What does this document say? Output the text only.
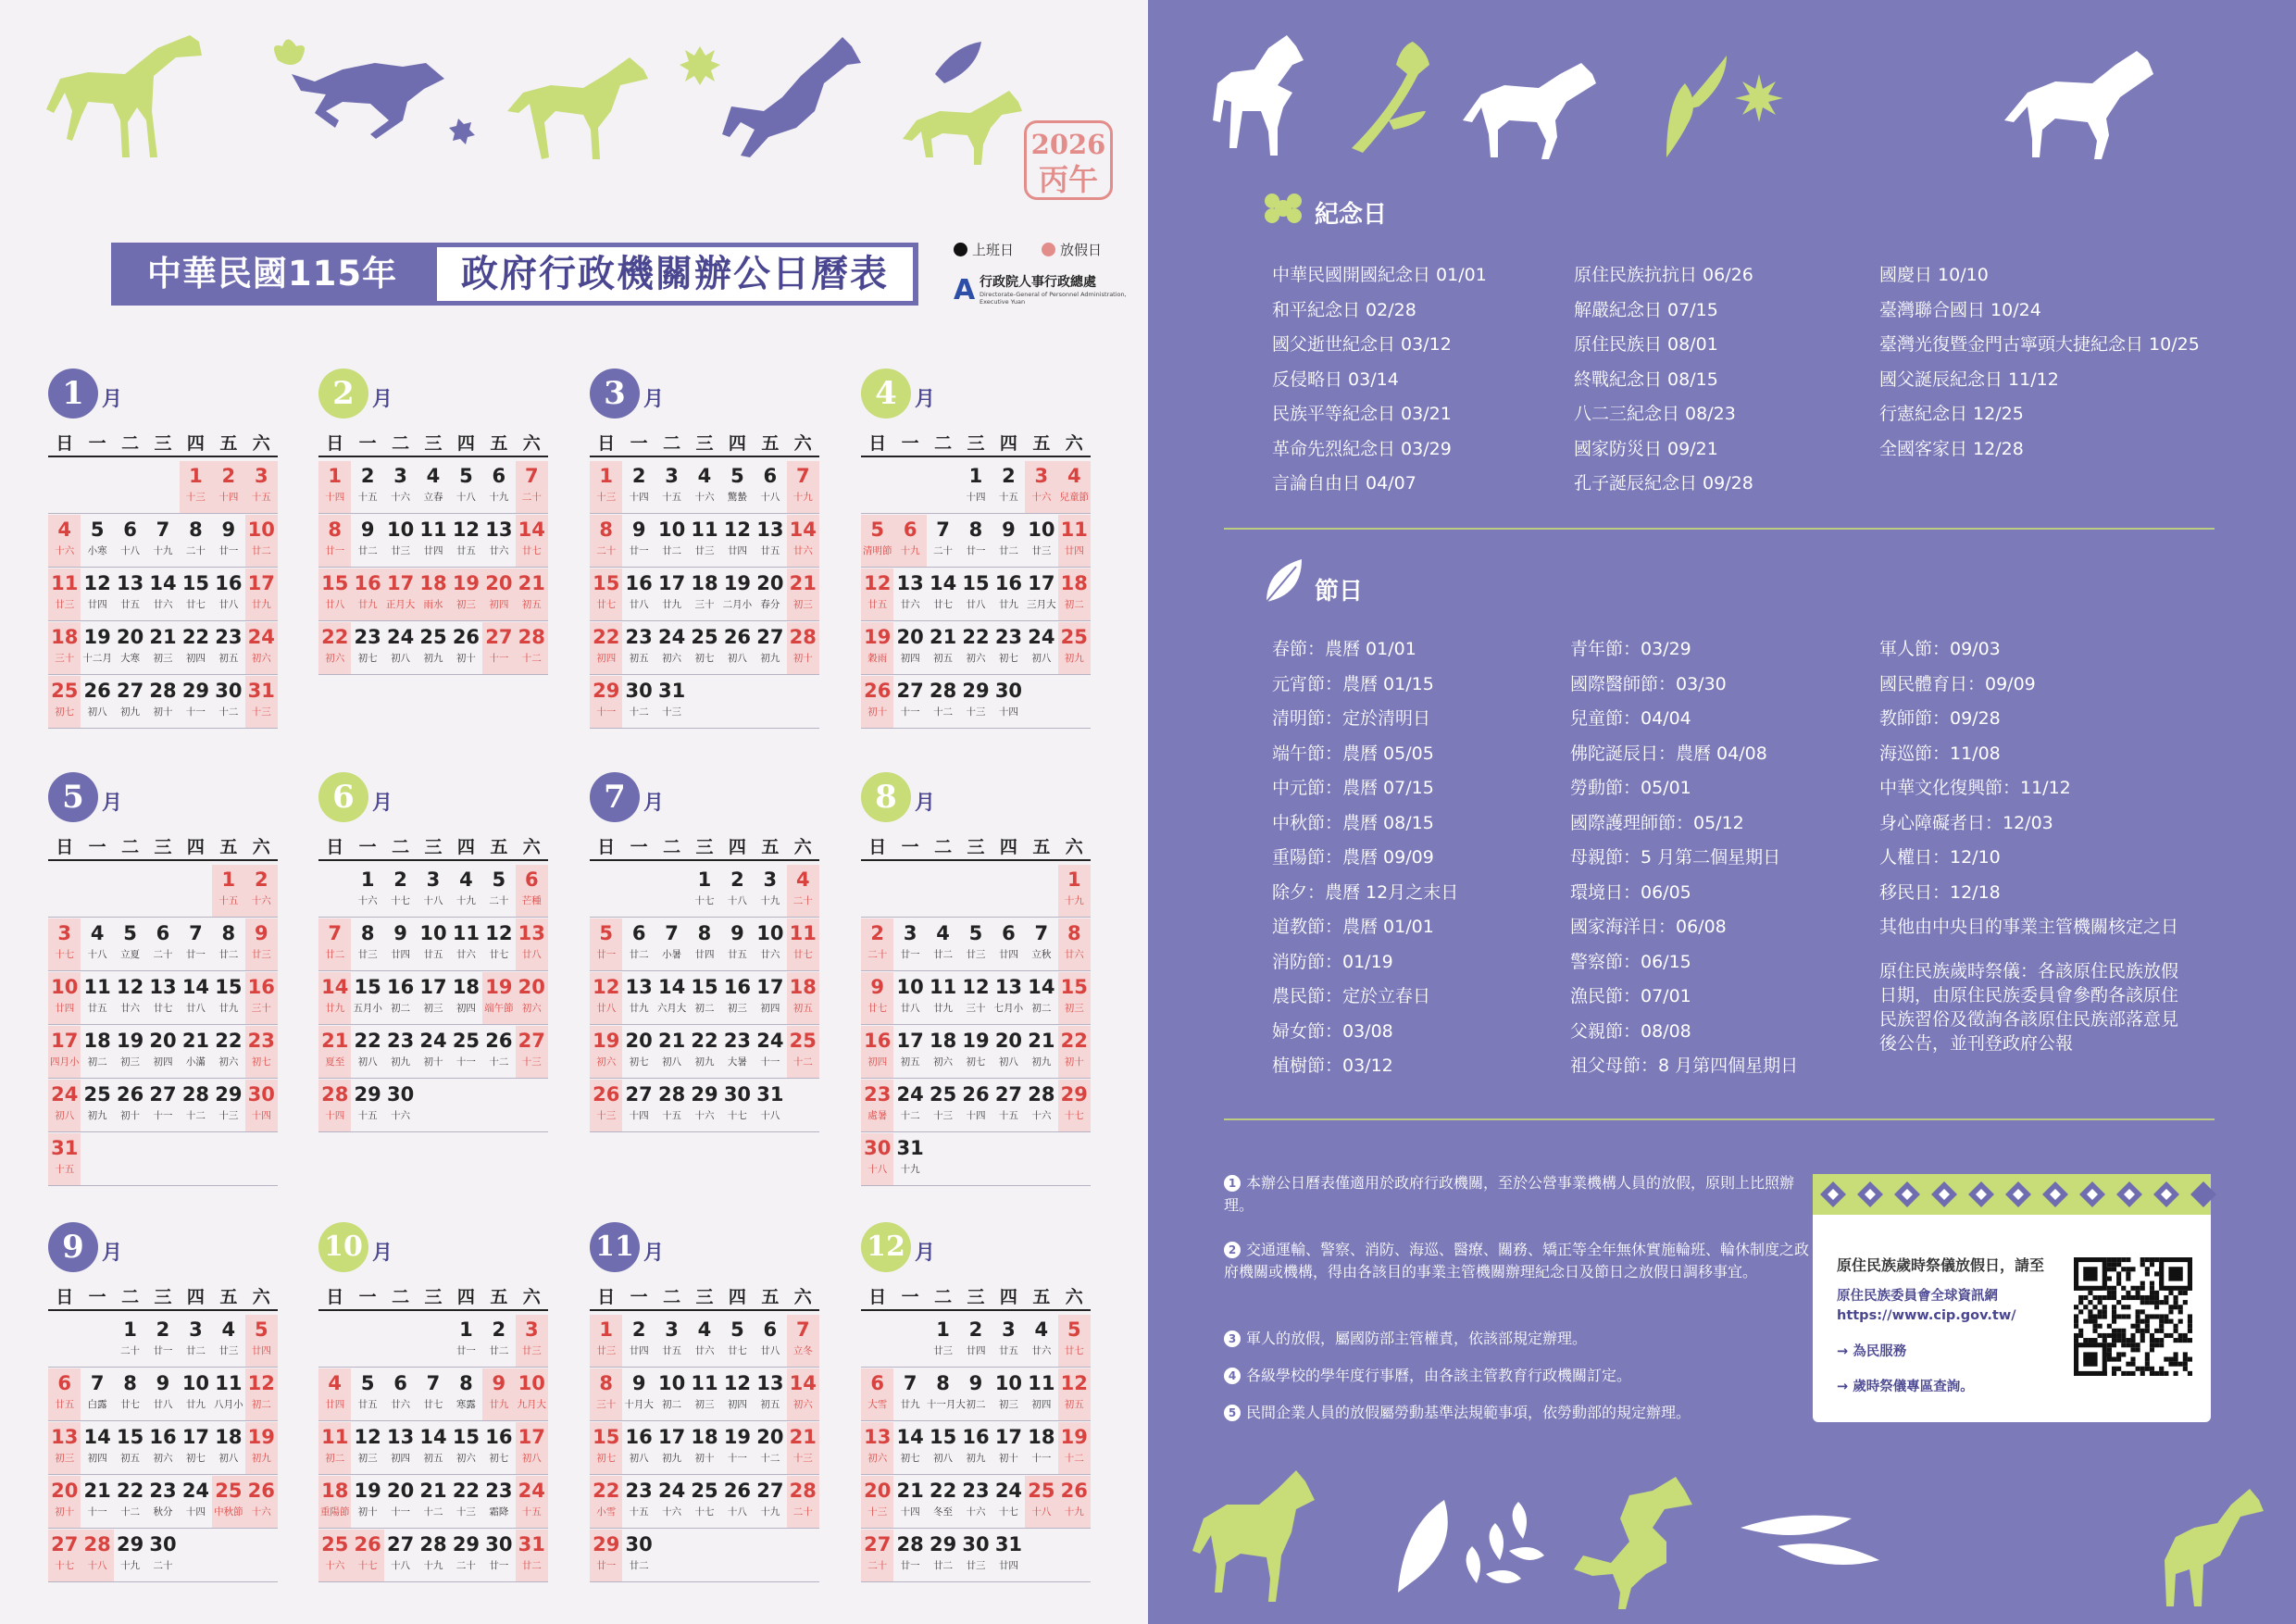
2026
丙午
中華民國115年	政府行政機關辦公日曆表
上班日	放假日
A 行政院人事行政總處
Directorate-General of Personnel Administration, Executive Yuan
1 月
日 一 二 三 四 五 六
1
十三
2
十四
3
十五
4
十六
5
小寒
6
十八
7
十九
8
二十
9
廿一
10
廿二
11
廿三
12
廿四
13
廿五
14
廿六
15
廿七
16
廿八
17
廿九
18
三十
19
十二月
20
大寒
21
初三
22
初四
23
初五
24
初六
25
初七
26
初八
27
初九
28
初十
29
十一
30
十二
31
十三
2 月
日 一 二 三 四 五 六
1
十四
2
十五
3
十六
4
立春
5
十八
6
十九
7
二十
8
廿一
9
廿二
10
廿三
11
廿四
12
廿五
13
廿六
14
廿七
15
廿八
16
廿九
17
正月大
18
雨水
19
初三
20
初四
21
初五
22
初六
23
初七
24
初八
25
初九
26
初十
27
十一
28
十二
3 月
日 一 二 三 四 五 六
1
十三
2
十四
3
十五
4
十六
5
驚蟄
6
十八
7
十九
8
二十
9
廿一
10
廿二
11
廿三
12
廿四
13
廿五
14
廿六
15
廿七
16
廿八
17
廿九
18
三十
19
二月小
20
春分
21
初三
22
初四
23
初五
24
初六
25
初七
26
初八
27
初九
28
初十
29
十一
30
十二
31
十三
4 月
日 一 二 三 四 五 六
1
十四
2
十五
3
十六
4
兒童節
5
清明節
6
十九
7
二十
8
廿一
9
廿二
10
廿三
11
廿四
12
廿五
13
廿六
14
廿七
15
廿八
16
廿九
17
三月大
18
初二
19
穀雨
20
初四
21
初五
22
初六
23
初七
24
初八
25
初九
26
初十
27
十一
28
十二
29
十三
30
十四
5 月
日 一 二 三 四 五 六
1
十五
2
十六
3
十七
4
十八
5
立夏
6
二十
7
廿一
8
廿二
9
廿三
10
廿四
11
廿五
12
廿六
13
廿七
14
廿八
15
廿九
16
三十
17
四月小
18
初二
19
初三
20
初四
21
小滿
22
初六
23
初七
24
初八
25
初九
26
初十
27
十一
28
十二
29
十三
30
十四
31
十五
6 月
日 一 二 三 四 五 六
1
十六
2
十七
3
十八
4
十九
5
二十
6
芒種
7
廿二
8
廿三
9
廿四
10
廿五
11
廿六
12
廿七
13
廿八
14
廿九
15
五月小
16
初二
17
初三
18
初四
19
端午節
20
初六
21
夏至
22
初八
23
初九
24
初十
25
十一
26
十二
27
十三
28
十四
29
十五
30
十六
7 月
日 一 二 三 四 五 六
1
十七
2
十八
3
十九
4
二十
5
廿一
6
廿二
7
小暑
8
廿四
9
廿五
10
廿六
11
廿七
12
廿八
13
廿九
14
六月大
15
初二
16
初三
17
初四
18
初五
19
初六
20
初七
21
初八
22
初九
23
大暑
24
十一
25
十二
26
十三
27
十四
28
十五
29
十六
30
十七
31
十八
8 月
日 一 二 三 四 五 六
1
十九
2
二十
3
廿一
4
廿二
5
廿三
6
廿四
7
立秋
8
廿六
9
廿七
10
廿八
11
廿九
12
三十
13
七月小
14
初二
15
初三
16
初四
17
初五
18
初六
19
初七
20
初八
21
初九
22
初十
23
處暑
24
十二
25
十三
26
十四
27
十五
28
十六
29
十七
30
十八
31
十九
9 月
日 一 二 三 四 五 六
1
二十
2
廿一
3
廿二
4
廿三
5
廿四
6
廿五
7
白露
8
廿七
9
廿八
10
廿九
11
八月小
12
初二
13
初三
14
初四
15
初五
16
初六
17
初七
18
初八
19
初九
20
初十
21
十一
22
十二
23
秋分
24
十四
25
中秋節
26
十六
27
十七
28
十八
29
十九
30
二十
10 月
日 一 二 三 四 五 六
1
廿一
2
廿二
3
廿三
4
廿四
5
廿五
6
廿六
7
廿七
8
寒露
9
廿九
10
九月大
11
初二
12
初三
13
初四
14
初五
15
初六
16
初七
17
初八
18
重陽節
19
初十
20
十一
21
十二
22
十三
23
霜降
24
十五
25
十六
26
十七
27
十八
28
十九
29
二十
30
廿一
31
廿二
11 月
日 一 二 三 四 五 六
1
廿三
2
廿四
3
廿五
4
廿六
5
廿七
6
廿八
7
立冬
8
三十
9
十月大
10
初二
11
初三
12
初四
13
初五
14
初六
15
初七
16
初八
17
初九
18
初十
19
十一
20
十二
21
十三
22
小雪
23
十五
24
十六
25
十七
26
十八
27
十九
28
二十
29
廿一
30
廿二
12 月
日 一 二 三 四 五 六
1
廿三
2
廿四
3
廿五
4
廿六
5
廿七
6
大雪
7
廿九
8
十一月大
9
初二
10
初三
11
初四
12
初五
13
初六
14
初七
15
初八
16
初九
17
初十
18
十一
19
十二
20
十三
21
十四
22
冬至
23
十六
24
十七
25
十八
26
十九
27
二十
28
廿一
29
廿二
30
廿三
31
廿四
紀念日
中華民國開國紀念日 01/01
和平紀念日 02/28
國父逝世紀念日 03/12
反侵略日 03/14
民族平等紀念日 03/21
革命先烈紀念日 03/29
言論自由日 04/07
原住民族抗抗日 06/26
解嚴紀念日 07/15
原住民族日 08/01
終戰紀念日 08/15
八二三紀念日 08/23
國家防災日 09/21
孔子誕辰紀念日 09/28
國慶日 10/10
臺灣聯合國日 10/24
臺灣光復暨金門古寧頭大捷紀念日 10/25
國父誕辰紀念日 11/12
行憲紀念日 12/25
全國客家日 12/28
節日
春節：農曆 01/01
元宵節：農曆 01/15
清明節：定於清明日
端午節：農曆 05/05
中元節：農曆 07/15
中秋節：農曆 08/15
重陽節：農曆 09/09
除夕：農曆 12月之末日
道教節：農曆 01/01
消防節：01/19
農民節：定於立春日
婦女節：03/08
植樹節：03/12
青年節：03/29
國際醫師節：03/30
兒童節：04/04
佛陀誕辰日：農曆 04/08
勞動節：05/01
國際護理師節：05/12
母親節：5 月第二個星期日
環境日：06/05
國家海洋日：06/08
警察節：06/15
漁民節：07/01
父親節：08/08
祖父母節：8 月第四個星期日
軍人節：09/03
國民體育日：09/09
教師節：09/28
海巡節：11/08
中華文化復興節：11/12
身心障礙者日：12/03
人權日：12/10
移民日：12/18
其他由中央目的事業主管機關核定之日
原住民族歲時祭儀：各該原住民族放假日期，由原住民族委員會參酌各該原住民族習俗及徵詢各該原住民族部落意見後公告，並刊登政府公報
1 本辦公日曆表僅適用於政府行政機關，至於公營事業機構人員的放假，原則上比照辦理。
2 交通運輸、警察、消防、海巡、醫療、關務、矯正等全年無休實施輪班、輪休制度之政府機關或機構，得由各該目的事業主管機關辦理紀念日及節日之放假日調移事宜。
3 軍人的放假，屬國防部主管權責，依該部規定辦理。
4 各級學校的學年度行事曆，由各該主管教育行政機關訂定。
5 民間企業人員的放假屬勞動基準法規範事項，依勞動部的規定辦理。
原住民族歲時祭儀放假日，請至
原住民族委員會全球資訊網
https://www.cip.gov.tw/
→ 為民服務
→ 歲時祭儀專區查詢。
